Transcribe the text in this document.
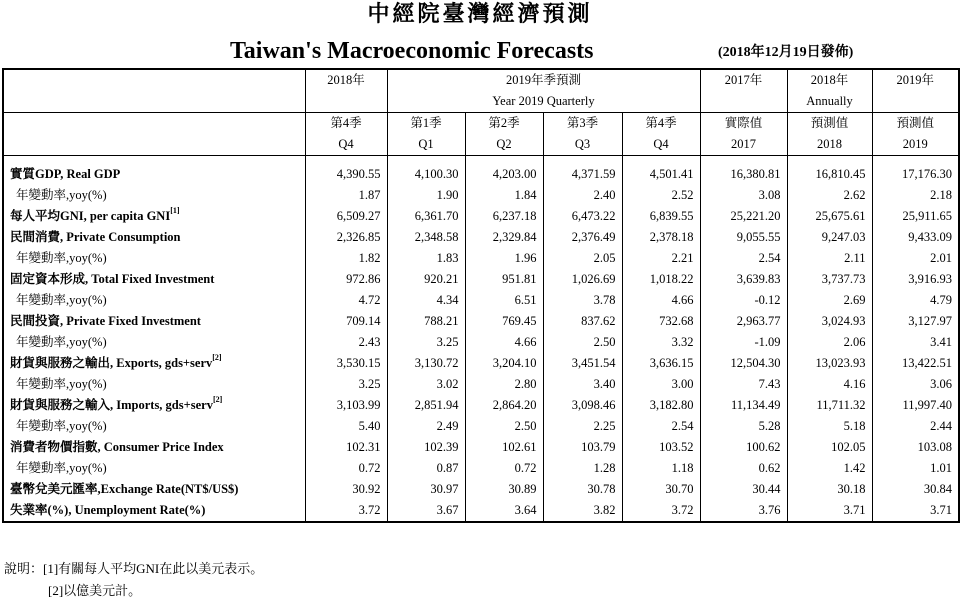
中經院臺灣經濟預測
Taiwan's Macroeconomic Forecasts	(2018年12月19日發佈)
	2018年	2019年季預測				2017年	2018年	2019年
		Year 2019 Quarterly					Annually	
	第4季	第1季	第2季	第3季	第4季	實際值	預測值	預測值
	Q4	Q1	Q2	Q3	Q4	2017	2018	2019

實質GDP, Real GDP	4,390.55	4,100.30	4,203.00	4,371.59	4,501.41	16,380.81	16,810.45	17,176.30
年變動率,yoy(%)	1.87	1.90	1.84	2.40	2.52	3.08	2.62	2.18
每人平均GNI, per capita GNI[1]	6,509.27	6,361.70	6,237.18	6,473.22	6,839.55	25,221.20	25,675.61	25,911.65
民間消費, Private Consumption	2,326.85	2,348.58	2,329.84	2,376.49	2,378.18	9,055.55	9,247.03	9,433.09
年變動率,yoy(%)	1.82	1.83	1.96	2.05	2.21	2.54	2.11	2.01
固定資本形成, Total Fixed Investment	972.86	920.21	951.81	1,026.69	1,018.22	3,639.83	3,737.73	3,916.93
年變動率,yoy(%)	4.72	4.34	6.51	3.78	4.66	-0.12	2.69	4.79
民間投資, Private Fixed Investment	709.14	788.21	769.45	837.62	732.68	2,963.77	3,024.93	3,127.97
年變動率,yoy(%)	2.43	3.25	4.66	2.50	3.32	-1.09	2.06	3.41
財貨與服務之輸出, Exports, gds+serv[2]	3,530.15	3,130.72	3,204.10	3,451.54	3,636.15	12,504.30	13,023.93	13,422.51
年變動率,yoy(%)	3.25	3.02	2.80	3.40	3.00	7.43	4.16	3.06
財貨與服務之輸入, Imports, gds+serv[2]	3,103.99	2,851.94	2,864.20	3,098.46	3,182.80	11,134.49	11,711.32	11,997.40
年變動率,yoy(%)	5.40	2.49	2.50	2.25	2.54	5.28	5.18	2.44
消費者物價指數, Consumer Price Index	102.31	102.39	102.61	103.79	103.52	100.62	102.05	103.08
年變動率,yoy(%)	0.72	0.87	0.72	1.28	1.18	0.62	1.42	1.01
臺幣兌美元匯率,Exchange Rate(NT$/US$)	30.92	30.97	30.89	30.78	30.70	30.44	30.18	30.84
失業率(%), Unemployment Rate(%)	3.72	3.67	3.64	3.82	3.72	3.76	3.71	3.71
說明：[1]有關每人平均GNI在此以美元表示。
[2]以億美元計。
